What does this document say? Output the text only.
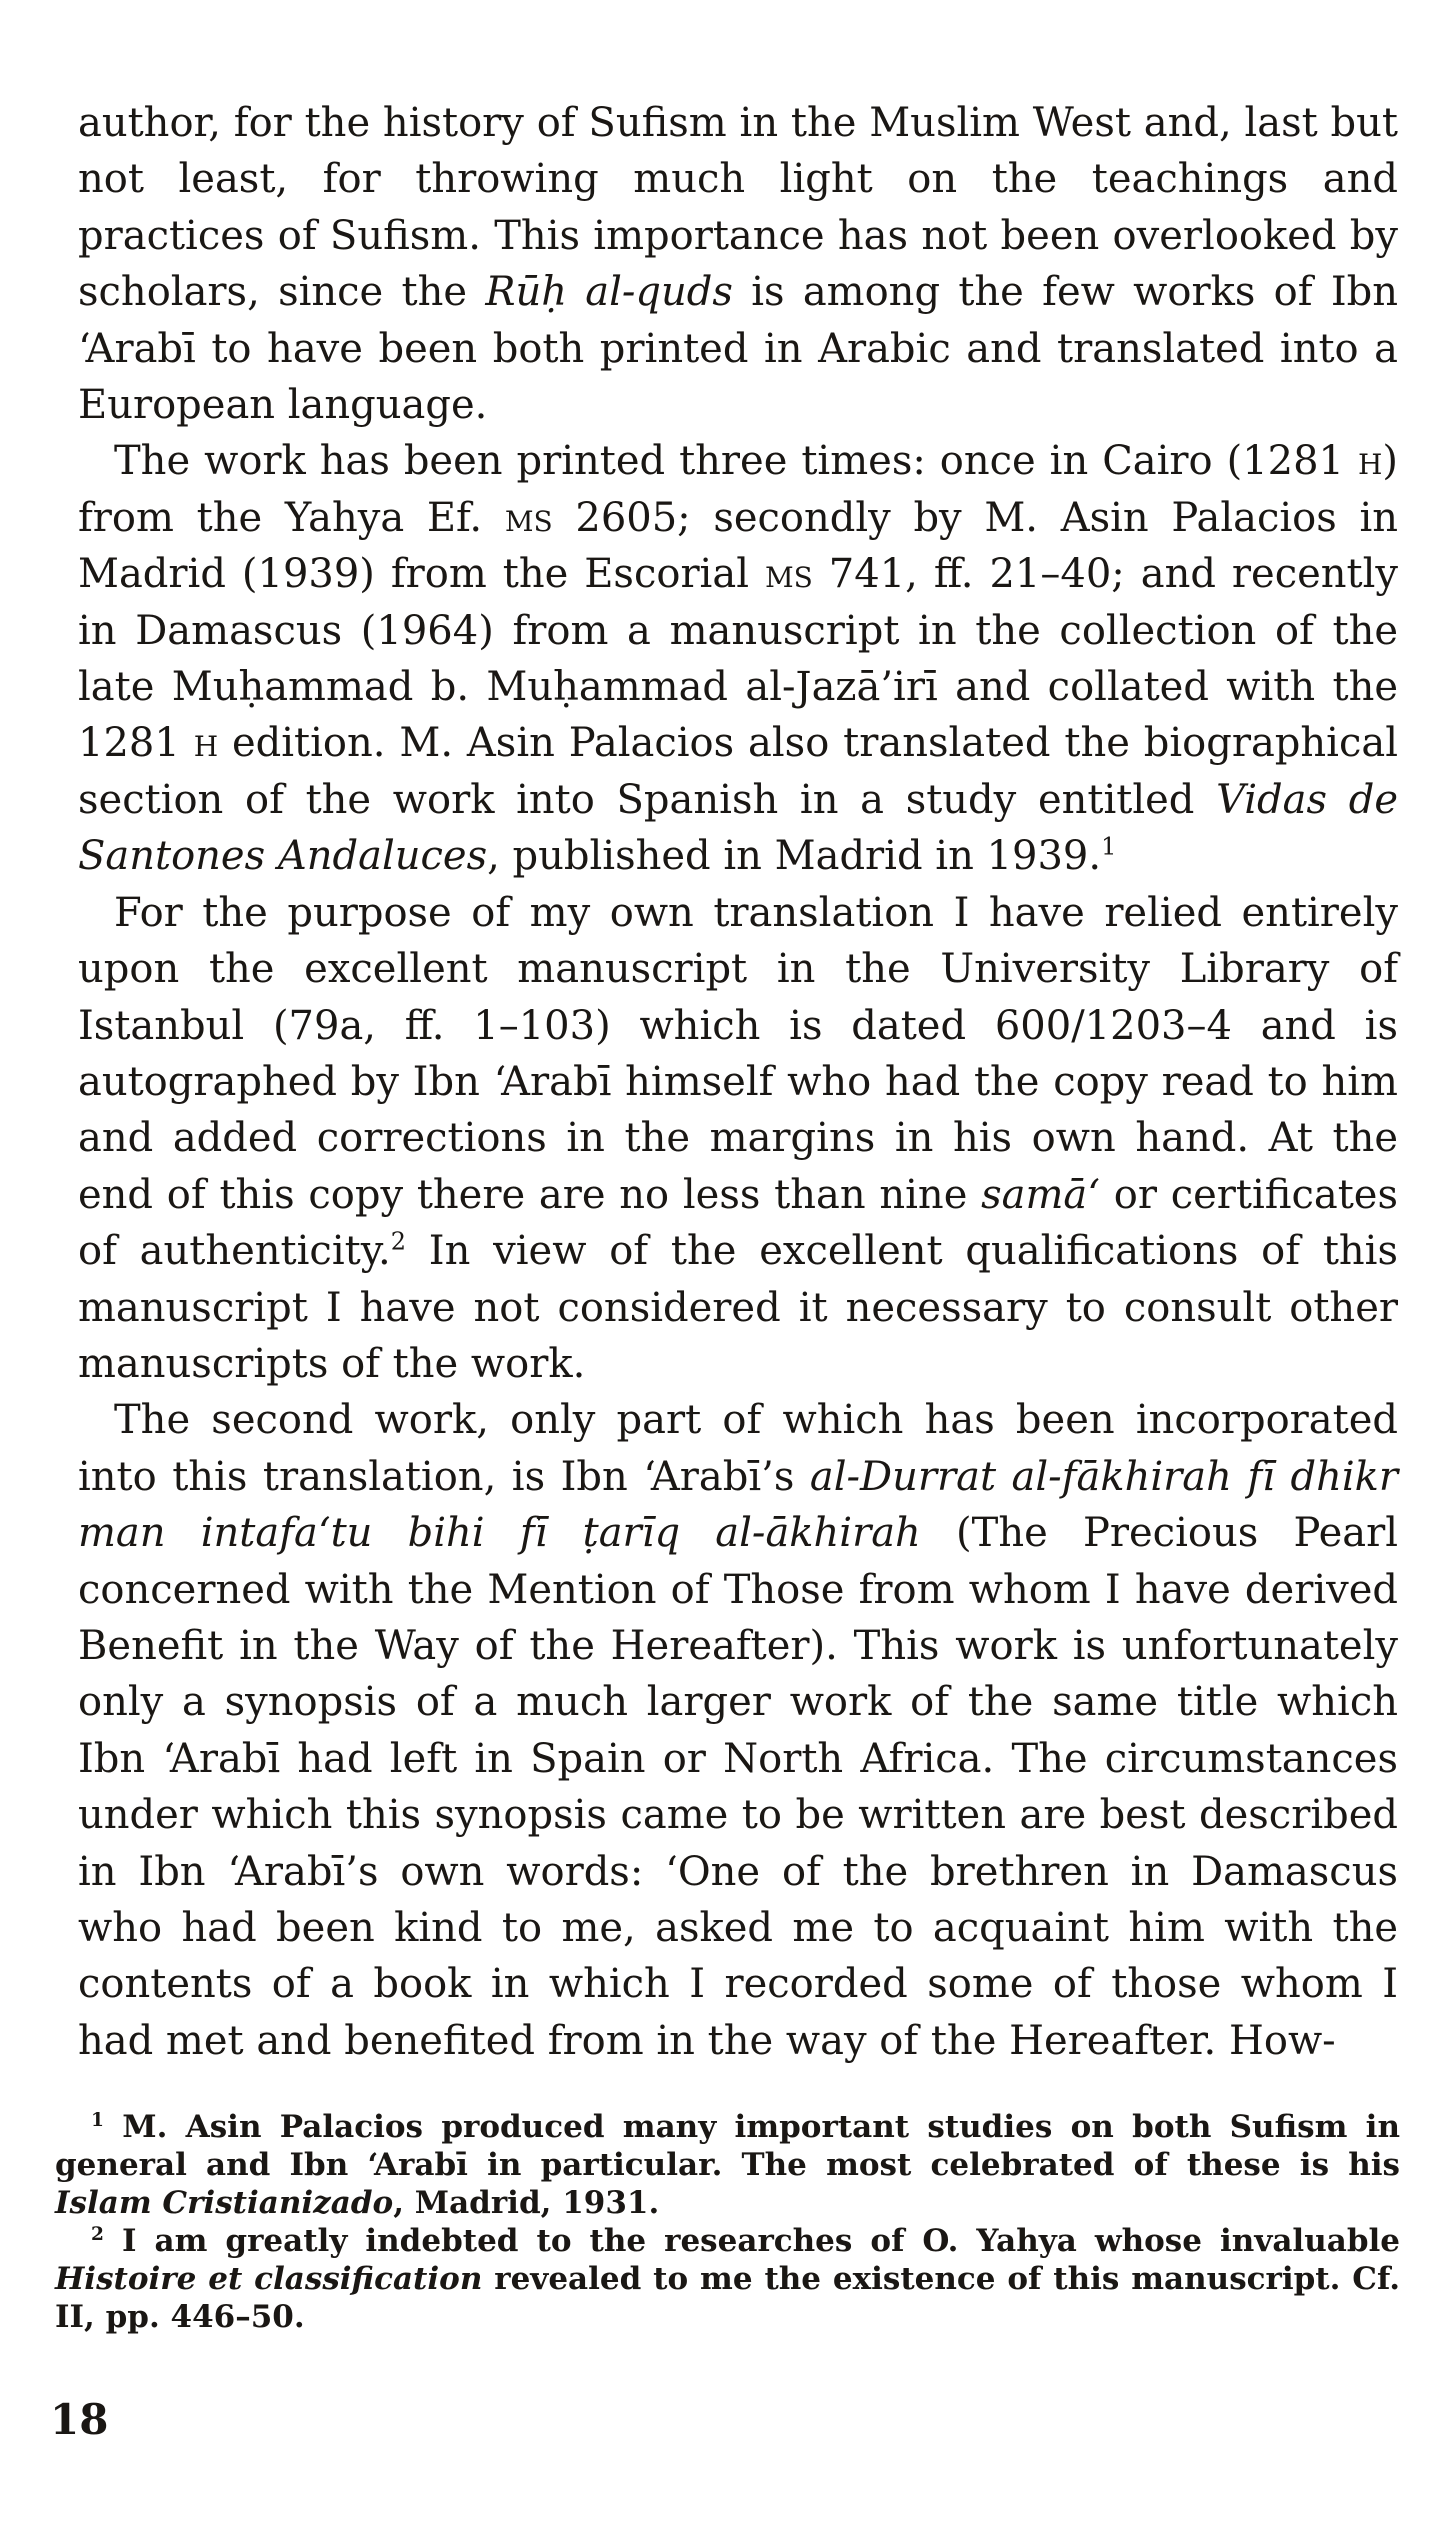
author, for the history of Sufism in the Muslim West and, last but not least, for throwing much light on the teachings and practices of Sufism. This importance has not been overlooked by scholars, since the Rūḥ al-quds is among the few works of Ibn ‘Arabī to have been both printed in Arabic and translated into a European language.

The work has been printed three times: once in Cairo (1281 h) from the Yahya Ef. ms 2605; secondly by M. Asin Palacios in Madrid (1939) from the Escorial ms 741, ff. 21–40; and recently in Damascus (1964) from a manuscript in the collection of the late Muḥammad b. Muḥammad al-Jazā’irī and collated with the 1281 h edition. M. Asin Palacios also translated the biographical section of the work into Spanish in a study entitled Vidas de Santones Andaluces, published in Madrid in 1939.$^1$

For the purpose of my own translation I have relied entirely upon the excellent manuscript in the University Library of Istanbul (79a, ff. 1–103) which is dated 600/1203–4 and is autographed by Ibn ‘Arabī himself who had the copy read to him and added corrections in the margins in his own hand. At the end of this copy there are no less than nine samā‘ or certificates of authenticity.$^2$ In view of the excellent qualifications of this manuscript I have not considered it necessary to consult other manuscripts of the work.

The second work, only part of which has been incorporated into this translation, is Ibn ‘Arabī’s al-Durrat al-fākhirah fī dhikr man intafa‘tu bihi fī ṭarīq al-ākhirah (The Precious Pearl concerned with the Mention of Those from whom I have derived Benefit in the Way of the Hereafter). This work is unfortunately only a synopsis of a much larger work of the same title which Ibn ‘Arabī had left in Spain or North Africa. The circumstances under which this synopsis came to be written are best described in Ibn ‘Arabī’s own words: ‘One of the brethren in Damascus who had been kind to me, asked me to acquaint him with the contents of a book in which I recorded some of those whom I had met and benefited from in the way of the Hereafter. How-

$^1$ M. Asin Palacios produced many important studies on both Sufism in general and Ibn ‘Arabī in particular. The most celebrated of these is his Islam Cristianizado, Madrid, 1931.

$^2$ I am greatly indebted to the researches of O. Yahya whose invaluable Histoire et classification revealed to me the existence of this manuscript. Cf. II, pp. 446–50.

18
